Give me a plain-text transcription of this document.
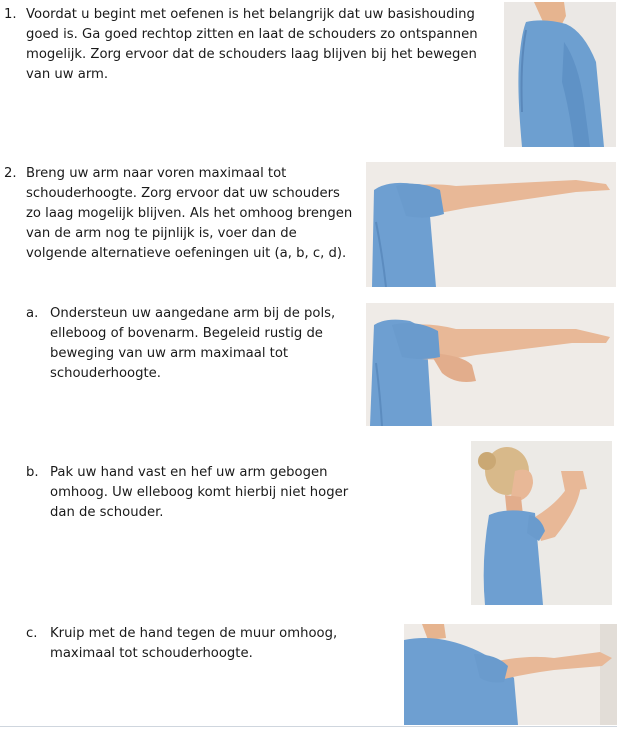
1. Voordat u begint met oefenen is het belangrijk dat uw basishouding
goed is. Ga goed rechtop zitten en laat de schouders zo ontspannen
mogelijk. Zorg ervoor dat de schouders laag blijven bij het bewegen
van uw arm.
2. Breng uw arm naar voren maximaal tot
schouderhoogte. Zorg ervoor dat uw schouders
zo laag mogelijk blijven. Als het omhoog brengen
van de arm nog te pijnlijk is, voer dan de
volgende alternatieve oefeningen uit (a, b, c, d).
a. Ondersteun uw aangedane arm bij de pols,
elleboog of bovenarm. Begeleid rustig de
beweging van uw arm maximaal tot
schouderhoogte.
b. Pak uw hand vast en hef uw arm gebogen
omhoog. Uw elleboog komt hierbij niet hoger
dan de schouder.
c. Kruip met de hand tegen de muur omhoog,
maximaal tot schouderhoogte.
